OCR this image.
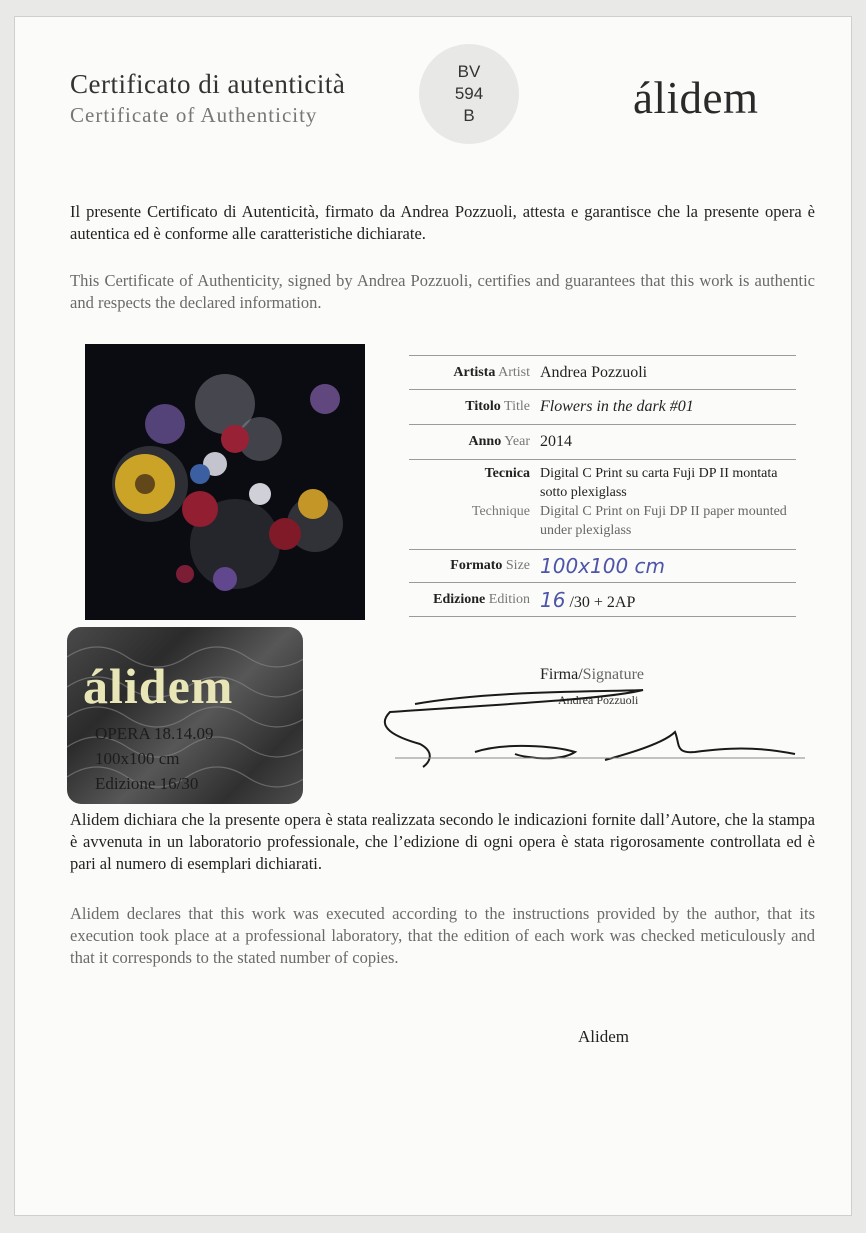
Certificato di autenticità
Certificate of Authenticity
BV
594
B	álidem
Il presente Certificato di Autenticità, firmato da Andrea Pozzuoli, attesta e garantisce che la presente opera è autentica ed è conforme alle caratteristiche dichiarate.
This Certificate of Authenticity, signed by Andrea Pozzuoli, certifies and guarantees that this work is authentic and respects the declared information.
Artista Artist Andrea Pozzuoli
Titolo Title Flowers in the dark #01
Anno Year 2014
Tecnica

Technique
Digital C Print su carta Fuji DP II montata sotto plexiglass
Digital C Print on Fuji DP II paper mounted under plexiglass
Formato Size 100x100 cm
Edizione Edition 16 /30 + 2AP
álidem
OPERA 18.14.09
100x100 cm
Edizione 16/30
Firma/Signature
Andrea Pozzuoli
Alidem dichiara che la presente opera è stata realizzata secondo le indicazioni fornite dall’Autore, che la stampa è avvenuta in un laboratorio professionale, che l’edizione di ogni opera è stata rigorosamente controllata ed è pari al numero di esemplari dichiarati.
Alidem declares that this work was executed according to the instructions provided by the author, that its execution took place at a professional laboratory, that the edition of each work was checked meticulously and that it corresponds to the stated number of copies.
Alidem
